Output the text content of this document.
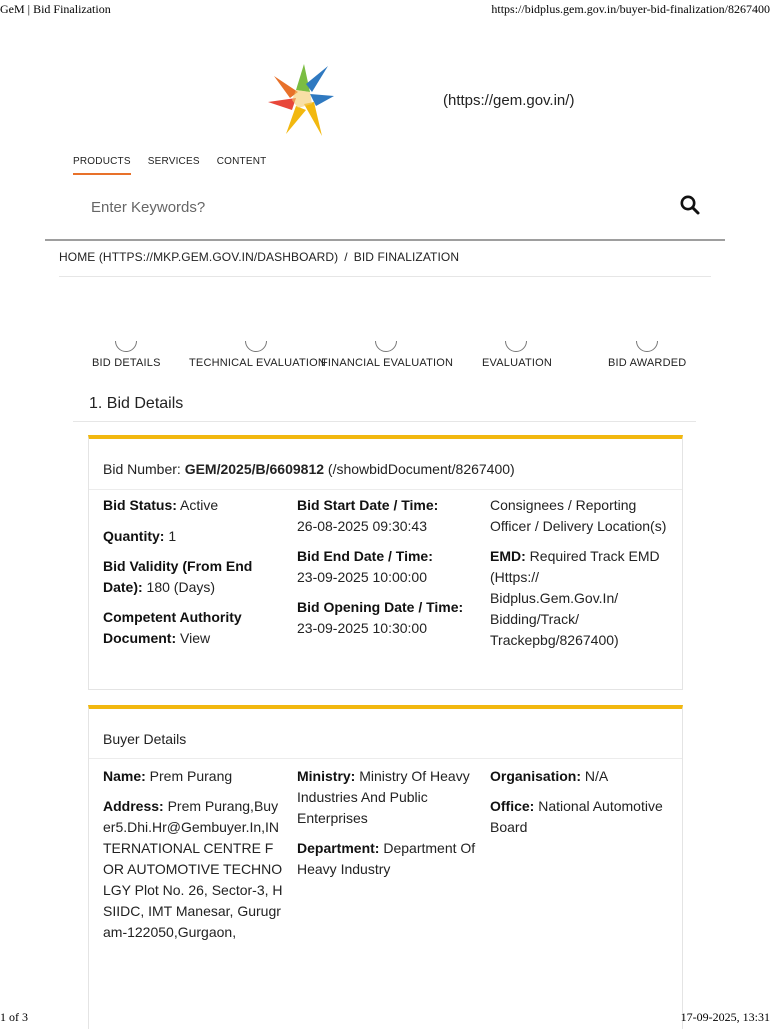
GeM | Bid Finalization	https://bidplus.gem.gov.in/buyer-bid-finalization/8267400
(https://gem.gov.in/)
PRODUCTS SERVICES CONTENT
Enter Keywords?
HOME (HTTPS://MKP.GEM.GOV.IN/DASHBOARD) / BID FINALIZATION
BID DETAILS	TECHNICAL EVALUATION
FINANCIAL EVALUATION	EVALUATION	BID AWARDED
1. Bid Details
Bid Number: GEM/2025/B/6609812 (/showbidDocument/8267400)
Bid Status: Active
Quantity: 1
Bid Validity (From End Date): 180 (Days)
Competent Authority Document: View
Bid Start Date / Time:
26-08-2025 09:30:43
Bid End Date / Time:
23-09-2025 10:00:00
Bid Opening Date / Time:
23-09-2025 10:30:00
Consignees / Reporting Officer / Delivery Location(s)
EMD: Required Track EMD (Https:// Bidplus.Gem.Gov.In/ Bidding/Track/ Trackepbg/8267400)
Buyer Details
Name: Prem Purang
Address: Prem Purang,Buyer5.Dhi.Hr@Gembuyer.In,INTERNATIONAL CENTRE FOR AUTOMOTIVE TECHNOLGY Plot No. 26, Sector-3, HSIIDC, IMT Manesar, Gurugram-122050,Gurgaon,
Ministry: Ministry Of Heavy Industries And Public Enterprises
Department: Department Of Heavy Industry
Organisation: N/A
Office: National Automotive Board
1 of 3	17-09-2025, 13:31
